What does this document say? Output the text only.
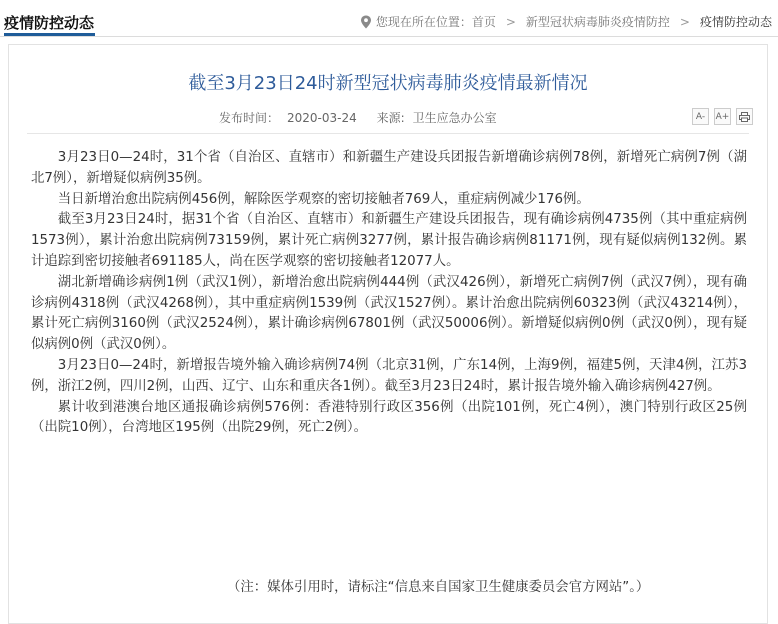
疫情防控动态	您现在所在位置： 首页 > 新型冠状病毒肺炎疫情防控 > 疫情防控动态
截至3月23日24时新型冠状病毒肺炎疫情最新情况
发布时间： 2020-03-24 来源: 卫生应急办公室	A-	A+

3月23日0—24时，31个省（自治区、直辖市）和新疆生产建设兵团报告新增确诊病例78例，新增死亡病例7例（湖北7例），新增疑似病例35例。

当日新增治愈出院病例456例，解除医学观察的密切接触者769人，重症病例减少176例。

截至3月23日24时，据31个省（自治区、直辖市）和新疆生产建设兵团报告，现有确诊病例4735例（其中重症病例1573例），累计治愈出院病例73159例，累计死亡病例3277例，累计报告确诊病例81171例，现有疑似病例132例。累计追踪到密切接触者691185人，尚在医学观察的密切接触者12077人。

湖北新增确诊病例1例（武汉1例），新增治愈出院病例444例（武汉426例），新增死亡病例7例（武汉7例），现有确诊病例4318例（武汉4268例），其中重症病例1539例（武汉1527例）。累计治愈出院病例60323例（武汉43214例），累计死亡病例3160例（武汉2524例），累计确诊病例67801例（武汉50006例）。新增疑似病例0例（武汉0例），现有疑似病例0例（武汉0例）。

3月23日0—24时，新增报告境外输入确诊病例74例（北京31例，广东14例，上海9例，福建5例，天津4例，江苏3例，浙江2例，四川2例，山西、辽宁、山东和重庆各1例）。截至3月23日24时，累计报告境外输入确诊病例427例。

累计收到港澳台地区通报确诊病例576例：香港特别行政区356例（出院101例，死亡4例），澳门特别行政区25例（出院10例），台湾地区195例（出院29例，死亡2例）。

（注：媒体引用时，请标注“信息来自国家卫生健康委员会官方网站”。）
